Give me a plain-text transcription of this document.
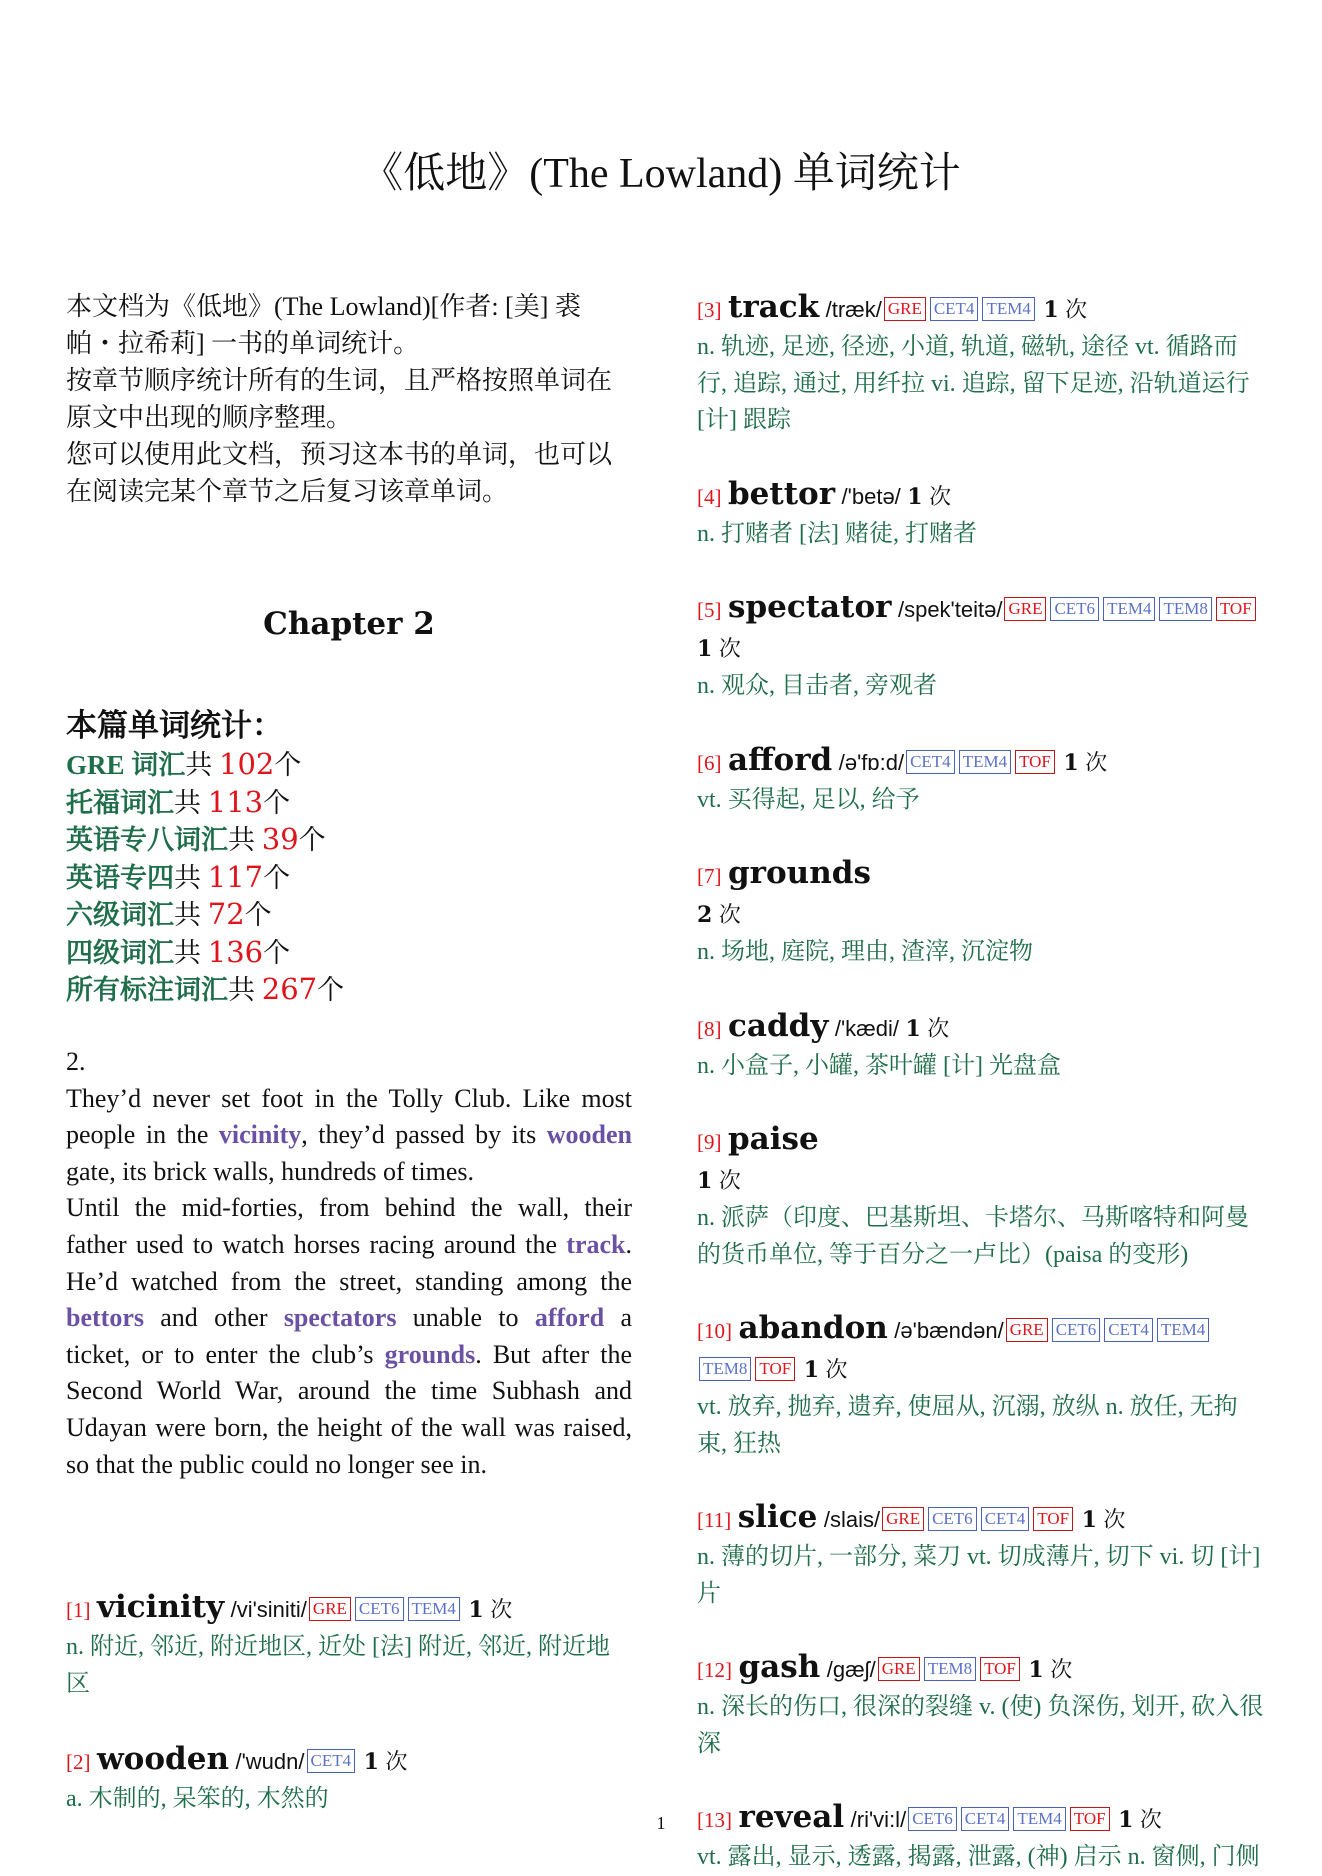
《低地》(The Lowland) 单词统计

本文档为《低地》(The Lowland)[作者: [美] 裘帕・拉希莉] 一书的单词统计。

按章节顺序统计所有的生词，且严格按照单词在原文中出现的顺序整理。

您可以使用此文档，预习这本书的单词，也可以在阅读完某个章节之后复习该章单词。

Chapter 2

本篇单词统计：

GRE 词汇共 102个
托福词汇共 113个
英语专八词汇共 39个
英语专四共 117个
六级词汇共 72个
四级词汇共 136个
所有标注词汇共 267个

2.

They’d never set foot in the Tolly Club. Like most people in the vicinity, they’d passed by its wooden gate, its brick walls, hundreds of times.

Until the mid-forties, from behind the wall, their father used to watch horses racing around the track. He’d watched from the street, standing among the bettors and other spectators unable to afford a ticket, or to enter the club’s grounds. But after the Second World War, around the time Subhash and Udayan were born, the height of the wall was raised, so that the public could no longer see in.

[1] vicinity /vi'siniti/ GRE CET6 TEM4 1 次
n. 附近, 邻近, 附近地区, 近处 [法] 附近, 邻近, 附近地区
[2] wooden /'wudn/ CET4 1 次
a. 木制的, 呆笨的, 木然的
[3] track /træk/ GRE CET4 TEM4 1 次
n. 轨迹, 足迹, 径迹, 小道, 轨道, 磁轨, 途径 vt. 循路而行, 追踪, 通过, 用纤拉 vi. 追踪, 留下足迹, 沿轨道运行 [计] 跟踪
[4] bettor /'betə/ 1 次
n. 打赌者 [法] 赌徒, 打赌者
[5] spectator /spek'teitə/ GRE CET6 TEM4 TEM8 TOF 1 次
n. 观众, 目击者, 旁观者
[6] afford /ə'fɒ:d/ CET4 TEM4 TOF 1 次
vt. 买得起, 足以, 给予
[7] grounds
2 次
n. 场地, 庭院, 理由, 渣滓, 沉淀物
[8] caddy /'kædi/ 1 次
n. 小盒子, 小罐, 茶叶罐 [计] 光盘盒
[9] paise
1 次
n. 派萨（印度、巴基斯坦、卡塔尔、马斯喀特和阿曼的货币单位, 等于百分之一卢比）(paisa 的变形)
[10] abandon /ə'bændən/ GRE CET6 CET4 TEM4TEM8 TOF 1 次
vt. 放弃, 抛弃, 遗弃, 使屈从, 沉溺, 放纵 n. 放任, 无拘束, 狂热
[11] slice /slais/ GRE CET6 CET4 TOF 1 次
n. 薄的切片, 一部分, 菜刀 vt. 切成薄片, 切下 vi. 切 [计] 片
[12] gash /gæʃ/ GRE TEM8 TOF 1 次
n. 深长的伤口, 很深的裂缝 v. (使) 负深伤, 划开, 砍入很深
[13] reveal /ri'vi:l/ CET6 CET4 TEM4 TOF 1 次
vt. 露出, 显示, 透露, 揭露, 泄露, (神) 启示 n. 窗侧, 门侧
1
